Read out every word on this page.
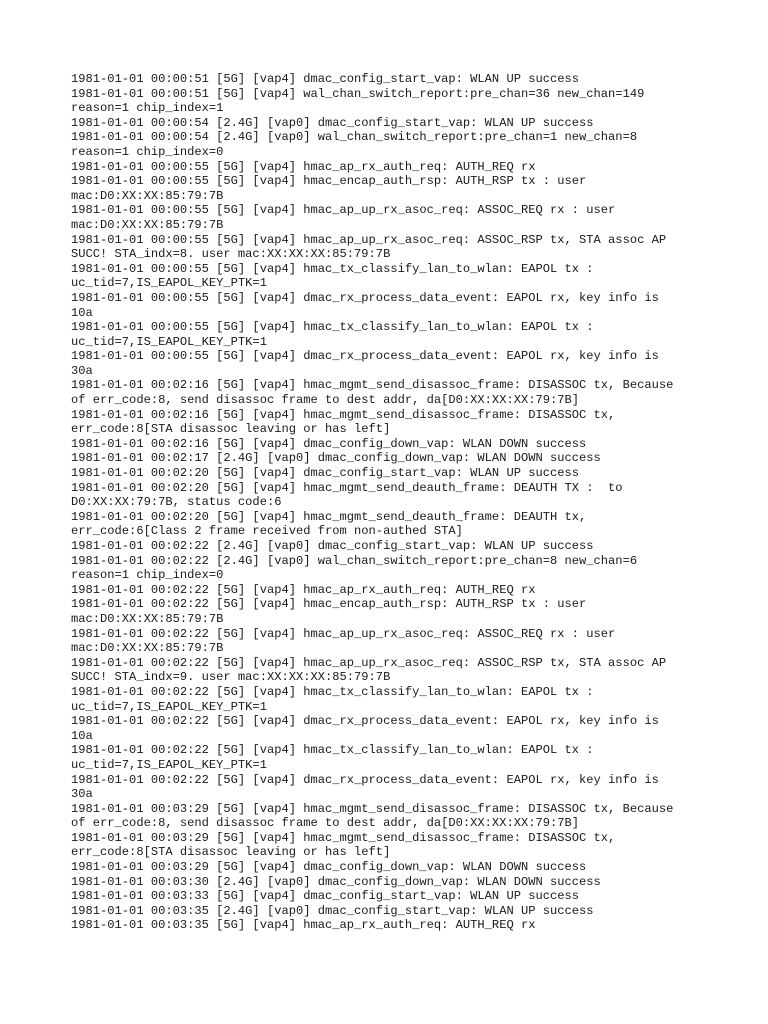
1981-01-01 00:00:51 [5G] [vap4] dmac_config_start_vap: WLAN UP success
1981-01-01 00:00:51 [5G] [vap4] wal_chan_switch_report:pre_chan=36 new_chan=149
reason=1 chip_index=1
1981-01-01 00:00:54 [2.4G] [vap0] dmac_config_start_vap: WLAN UP success
1981-01-01 00:00:54 [2.4G] [vap0] wal_chan_switch_report:pre_chan=1 new_chan=8
reason=1 chip_index=0
1981-01-01 00:00:55 [5G] [vap4] hmac_ap_rx_auth_req: AUTH_REQ rx
1981-01-01 00:00:55 [5G] [vap4] hmac_encap_auth_rsp: AUTH_RSP tx : user
mac:D0:XX:XX:85:79:7B
1981-01-01 00:00:55 [5G] [vap4] hmac_ap_up_rx_asoc_req: ASSOC_REQ rx : user
mac:D0:XX:XX:85:79:7B
1981-01-01 00:00:55 [5G] [vap4] hmac_ap_up_rx_asoc_req: ASSOC_RSP tx, STA assoc AP
SUCC! STA_indx=8. user mac:XX:XX:XX:85:79:7B
1981-01-01 00:00:55 [5G] [vap4] hmac_tx_classify_lan_to_wlan: EAPOL tx :
uc_tid=7,IS_EAPOL_KEY_PTK=1
1981-01-01 00:00:55 [5G] [vap4] dmac_rx_process_data_event: EAPOL rx, key info is
10a
1981-01-01 00:00:55 [5G] [vap4] hmac_tx_classify_lan_to_wlan: EAPOL tx :
uc_tid=7,IS_EAPOL_KEY_PTK=1
1981-01-01 00:00:55 [5G] [vap4] dmac_rx_process_data_event: EAPOL rx, key info is
30a
1981-01-01 00:02:16 [5G] [vap4] hmac_mgmt_send_disassoc_frame: DISASSOC tx, Because
of err_code:8, send disassoc frame to dest addr, da[D0:XX:XX:XX:79:7B]
1981-01-01 00:02:16 [5G] [vap4] hmac_mgmt_send_disassoc_frame: DISASSOC tx,
err_code:8[STA disassoc leaving or has left]
1981-01-01 00:02:16 [5G] [vap4] dmac_config_down_vap: WLAN DOWN success
1981-01-01 00:02:17 [2.4G] [vap0] dmac_config_down_vap: WLAN DOWN success
1981-01-01 00:02:20 [5G] [vap4] dmac_config_start_vap: WLAN UP success
1981-01-01 00:02:20 [5G] [vap4] hmac_mgmt_send_deauth_frame: DEAUTH TX :  to
D0:XX:XX:79:7B, status code:6
1981-01-01 00:02:20 [5G] [vap4] hmac_mgmt_send_deauth_frame: DEAUTH tx,
err_code:6[Class 2 frame received from non-authed STA]
1981-01-01 00:02:22 [2.4G] [vap0] dmac_config_start_vap: WLAN UP success
1981-01-01 00:02:22 [2.4G] [vap0] wal_chan_switch_report:pre_chan=8 new_chan=6
reason=1 chip_index=0
1981-01-01 00:02:22 [5G] [vap4] hmac_ap_rx_auth_req: AUTH_REQ rx
1981-01-01 00:02:22 [5G] [vap4] hmac_encap_auth_rsp: AUTH_RSP tx : user
mac:D0:XX:XX:85:79:7B
1981-01-01 00:02:22 [5G] [vap4] hmac_ap_up_rx_asoc_req: ASSOC_REQ rx : user
mac:D0:XX:XX:85:79:7B
1981-01-01 00:02:22 [5G] [vap4] hmac_ap_up_rx_asoc_req: ASSOC_RSP tx, STA assoc AP
SUCC! STA_indx=9. user mac:XX:XX:XX:85:79:7B
1981-01-01 00:02:22 [5G] [vap4] hmac_tx_classify_lan_to_wlan: EAPOL tx :
uc_tid=7,IS_EAPOL_KEY_PTK=1
1981-01-01 00:02:22 [5G] [vap4] dmac_rx_process_data_event: EAPOL rx, key info is
10a
1981-01-01 00:02:22 [5G] [vap4] hmac_tx_classify_lan_to_wlan: EAPOL tx :
uc_tid=7,IS_EAPOL_KEY_PTK=1
1981-01-01 00:02:22 [5G] [vap4] dmac_rx_process_data_event: EAPOL rx, key info is
30a
1981-01-01 00:03:29 [5G] [vap4] hmac_mgmt_send_disassoc_frame: DISASSOC tx, Because
of err_code:8, send disassoc frame to dest addr, da[D0:XX:XX:XX:79:7B]
1981-01-01 00:03:29 [5G] [vap4] hmac_mgmt_send_disassoc_frame: DISASSOC tx,
err_code:8[STA disassoc leaving or has left]
1981-01-01 00:03:29 [5G] [vap4] dmac_config_down_vap: WLAN DOWN success
1981-01-01 00:03:30 [2.4G] [vap0] dmac_config_down_vap: WLAN DOWN success
1981-01-01 00:03:33 [5G] [vap4] dmac_config_start_vap: WLAN UP success
1981-01-01 00:03:35 [2.4G] [vap0] dmac_config_start_vap: WLAN UP success
1981-01-01 00:03:35 [5G] [vap4] hmac_ap_rx_auth_req: AUTH_REQ rx
